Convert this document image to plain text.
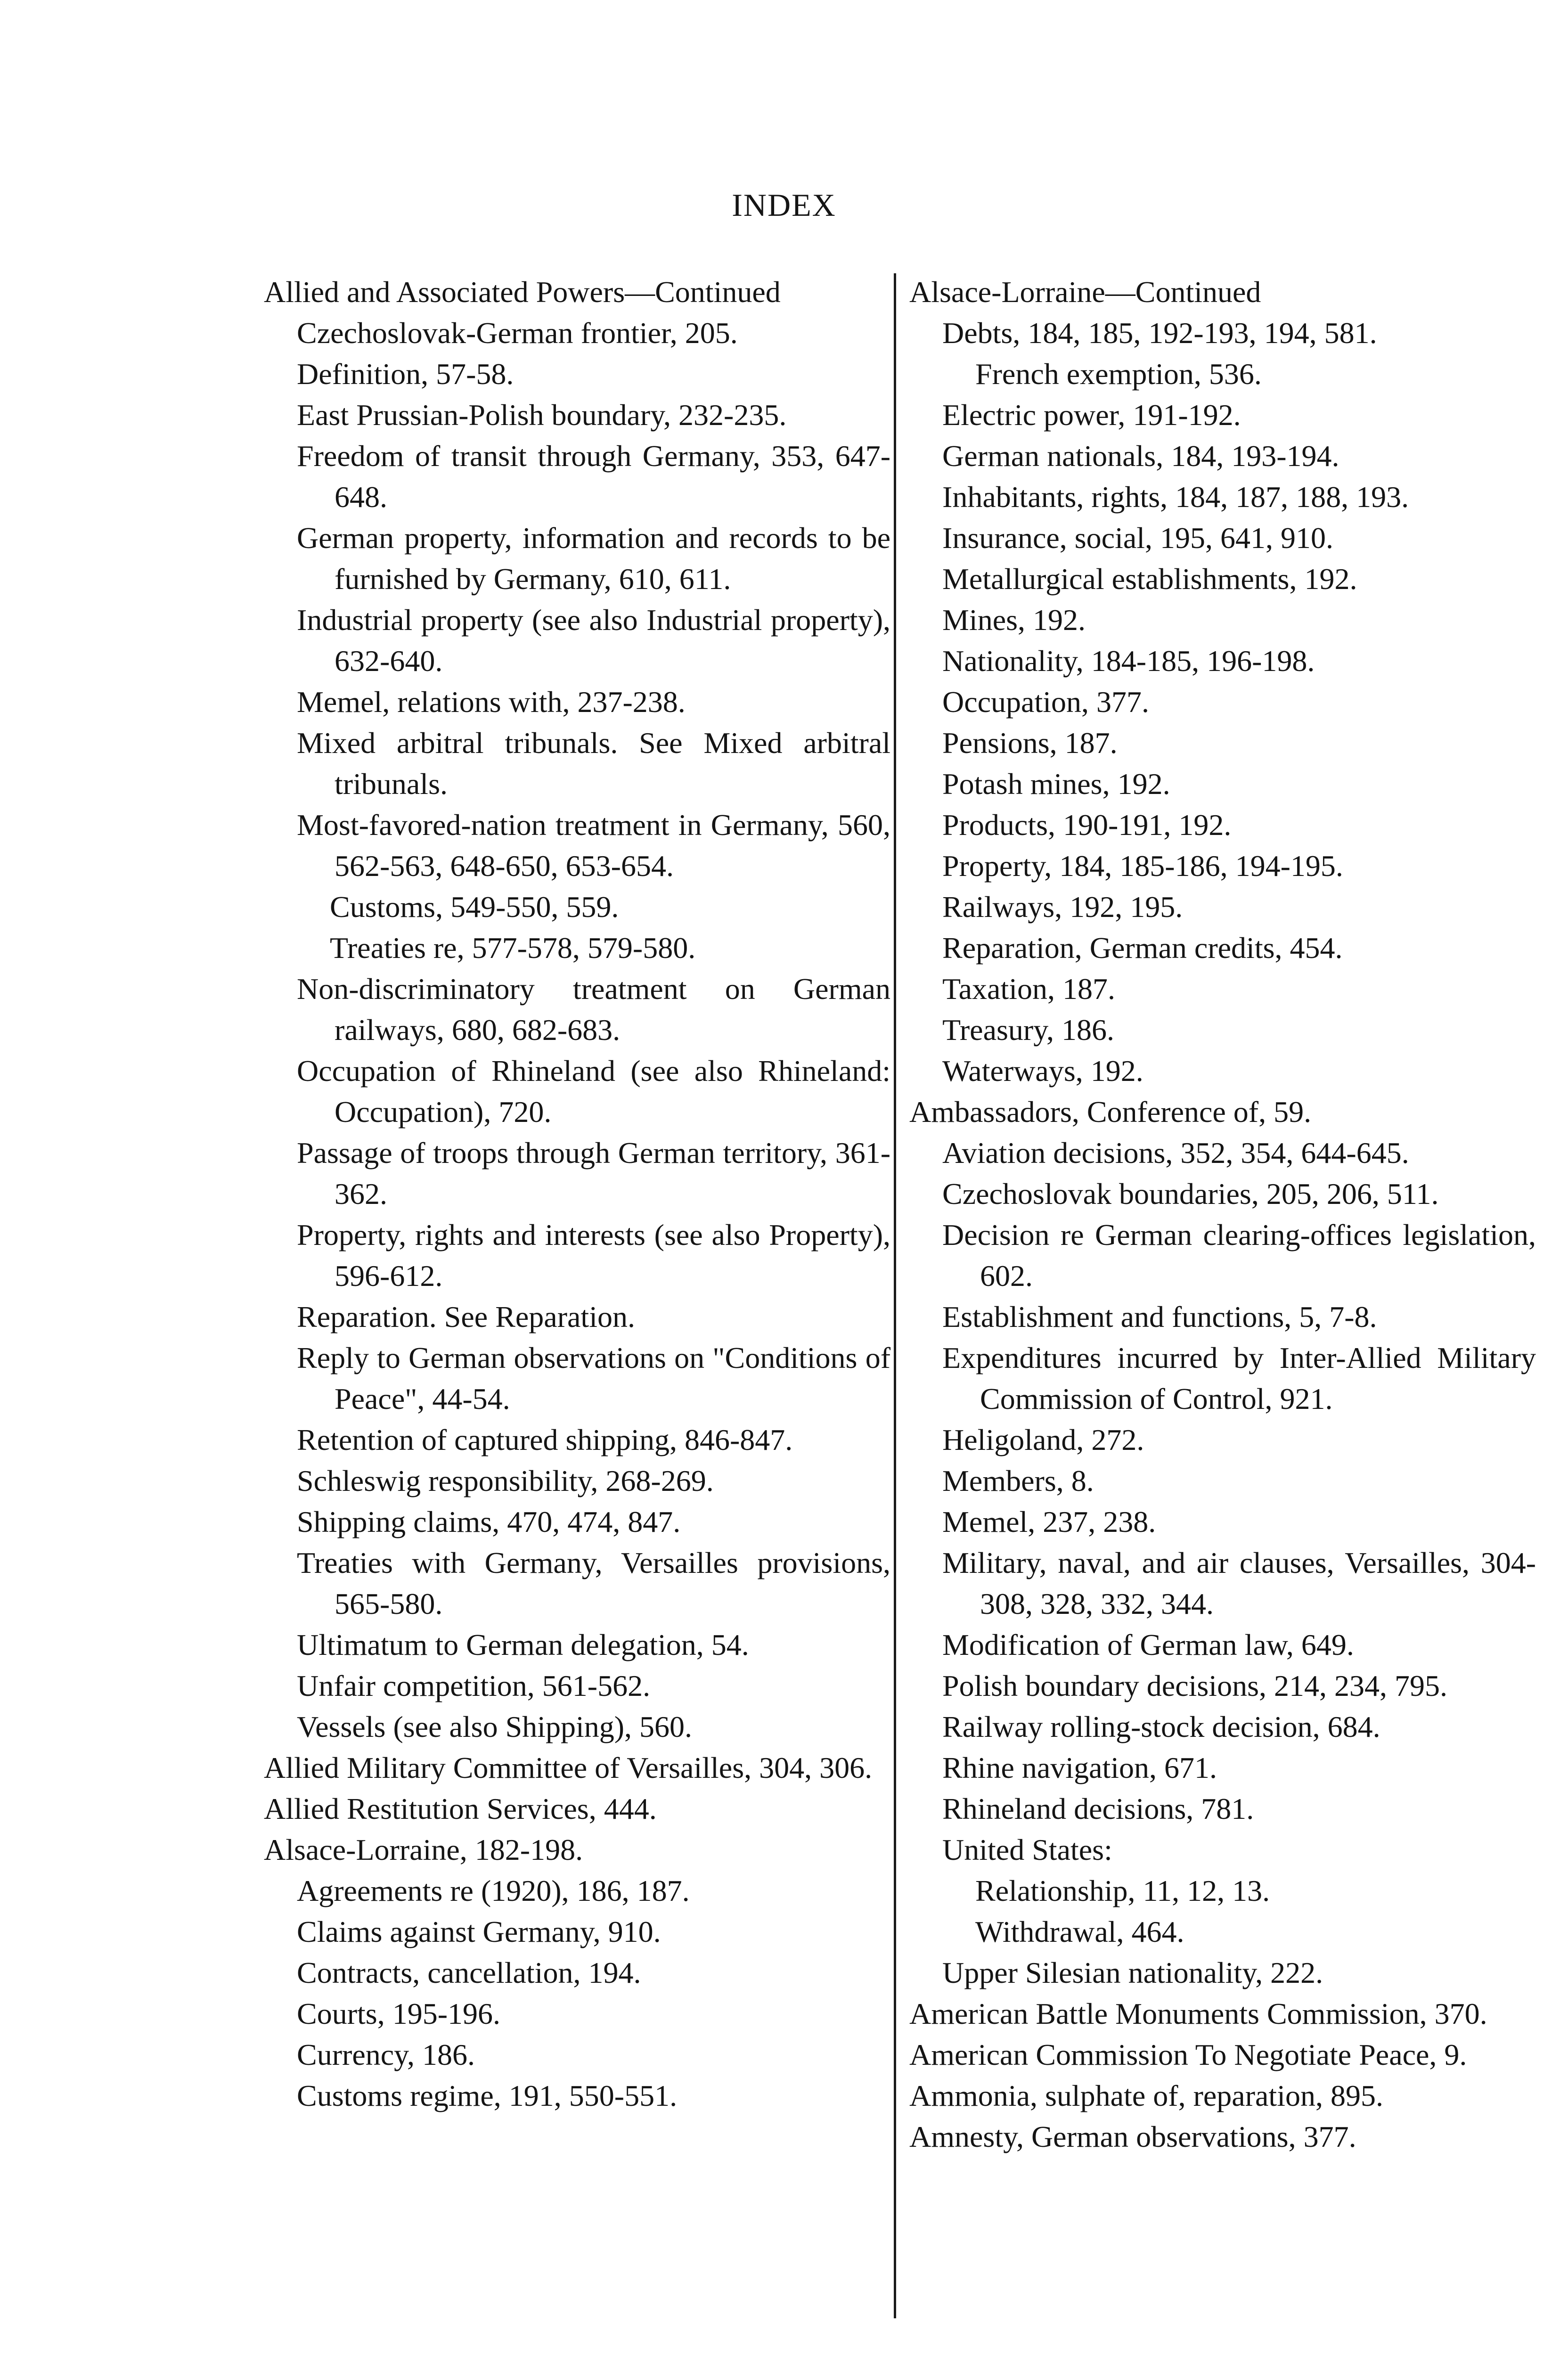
INDEX
Allied and Associated Powers—Continued
Czechoslovak-German frontier, 205.
Definition, 57-58.
East Prussian-Polish boundary, 232-235.
Freedom of transit through Germany, 353, 647-648.
German property, information and records to be furnished by Germany, 610, 611.
Industrial property (see also Industrial property), 632-640.
Memel, relations with, 237-238.
Mixed arbitral tribunals. See Mixed arbitral tribunals.
Most-favored-nation treatment in Germany, 560, 562-563, 648-650, 653-654.
Customs, 549-550, 559.
Treaties re, 577-578, 579-580.
Non-discriminatory treatment on German railways, 680, 682-683.
Occupation of Rhineland (see also Rhineland: Occupation), 720.
Passage of troops through German territory, 361-362.
Property, rights and interests (see also Property), 596-612.
Reparation. See Reparation.
Reply to German observations on "Conditions of Peace", 44-54.
Retention of captured shipping, 846-847.
Schleswig responsibility, 268-269.
Shipping claims, 470, 474, 847.
Treaties with Germany, Versailles provisions, 565-580.
Ultimatum to German delegation, 54.
Unfair competition, 561-562.
Vessels (see also Shipping), 560.
Allied Military Committee of Versailles, 304, 306.
Allied Restitution Services, 444.
Alsace-Lorraine, 182-198.
Agreements re (1920), 186, 187.
Claims against Germany, 910.
Contracts, cancellation, 194.
Courts, 195-196.
Currency, 186.
Customs regime, 191, 550-551.
Alsace-Lorraine—Continued
Debts, 184, 185, 192-193, 194, 581.
French exemption, 536.
Electric power, 191-192.
German nationals, 184, 193-194.
Inhabitants, rights, 184, 187, 188, 193.
Insurance, social, 195, 641, 910.
Metallurgical establishments, 192.
Mines, 192.
Nationality, 184-185, 196-198.
Occupation, 377.
Pensions, 187.
Potash mines, 192.
Products, 190-191, 192.
Property, 184, 185-186, 194-195.
Railways, 192, 195.
Reparation, German credits, 454.
Taxation, 187.
Treasury, 186.
Waterways, 192.
Ambassadors, Conference of, 59.
Aviation decisions, 352, 354, 644-645.
Czechoslovak boundaries, 205, 206, 511.
Decision re German clearing-offices legislation, 602.
Establishment and functions, 5, 7-8.
Expenditures incurred by Inter-Allied Military Commission of Control, 921.
Heligoland, 272.
Members, 8.
Memel, 237, 238.
Military, naval, and air clauses, Versailles, 304-308, 328, 332, 344.
Modification of German law, 649.
Polish boundary decisions, 214, 234, 795.
Railway rolling-stock decision, 684.
Rhine navigation, 671.
Rhineland decisions, 781.
United States:
Relationship, 11, 12, 13.
Withdrawal, 464.
Upper Silesian nationality, 222.
American Battle Monuments Commission, 370.
American Commission To Negotiate Peace, 9.
Ammonia, sulphate of, reparation, 895.
Amnesty, German observations, 377.
